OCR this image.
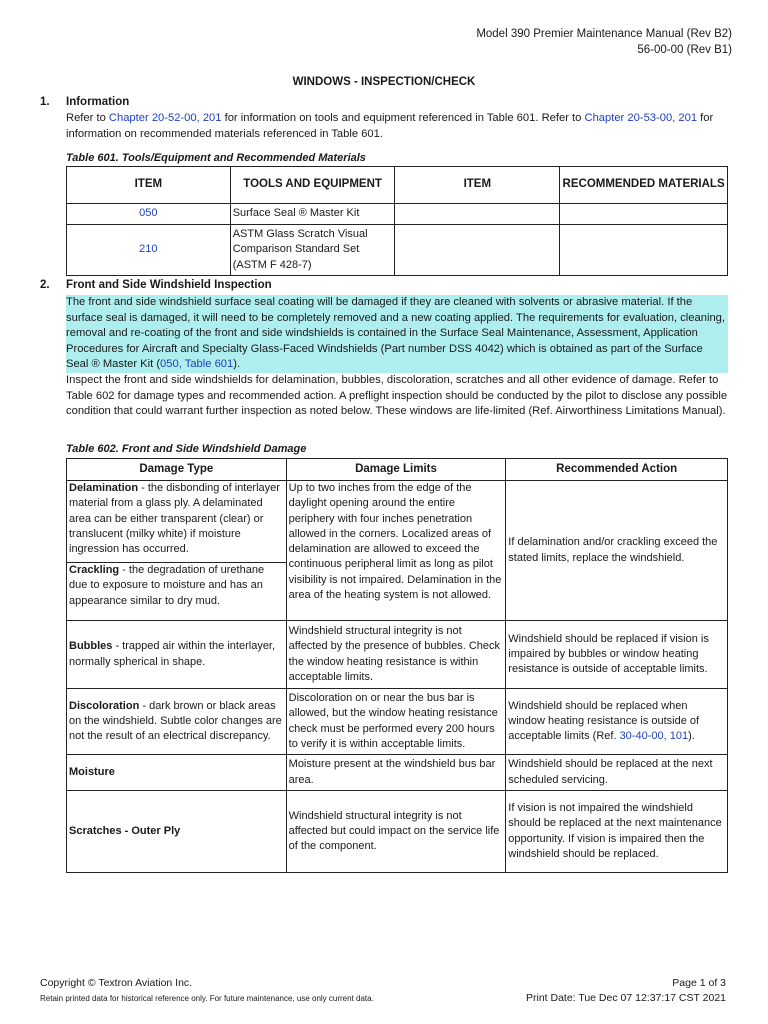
Model 390 Premier Maintenance Manual (Rev B2)
56-00-00 (Rev B1)
WINDOWS - INSPECTION/CHECK
1. Information
Refer to Chapter 20-52-00, 201 for information on tools and equipment referenced in Table 601. Refer to Chapter 20-53-00, 201 for information on recommended materials referenced in Table 601.
Table 601. Tools/Equipment and Recommended Materials
ITEM	TOOLS AND EQUIPMENT	ITEM	RECOMMENDED MATERIALS
050	Surface Seal ® Master Kit		
210	ASTM Glass Scratch Visual Comparison Standard Set (ASTM F 428-7)		
2. Front and Side Windshield Inspection
The front and side windshield surface seal coating will be damaged if they are cleaned with solvents or abrasive material. If the surface seal is damaged, it will need to be completely removed and a new coating applied. The requirements for evaluation, cleaning, removal and re-coating of the front and side windshields is contained in the Surface Seal Maintenance, Assessment, Application Procedures for Aircraft and Specialty Glass-Faced Windshields (Part number DSS 4042) which is obtained as part of the Surface Seal ® Master Kit (050, Table 601).
Inspect the front and side windshields for delamination, bubbles, discoloration, scratches and all other evidence of damage. Refer to Table 602 for damage types and recommended action. A preflight inspection should be conducted by the pilot to disclose any possible condition that could warrant further inspection as noted below. These windows are life-limited (Ref. Airworthiness Limitations Manual).
Table 602. Front and Side Windshield Damage
Damage Type	Damage Limits	Recommended Action
Delamination - the disbonding of interlayer material from a glass ply. A delaminated area can be either transparent (clear) or translucent (milky white) if moisture ingression has occurred.	Up to two inches from the edge of the daylight opening around the entire periphery with four inches penetration allowed in the corners. Localized areas of delamination are allowed to exceed the continuous peripheral limit as long as pilot visibility is not impaired. Delamination in the area of the heating system is not allowed.	If delamination and/or crackling exceed the stated limits, replace the windshield.
Crackling - the degradation of urethane due to exposure to moisture and has an appearance similar to dry mud.		
Bubbles - trapped air within the interlayer, normally spherical in shape.	Windshield structural integrity is not affected by the presence of bubbles. Check the window heating resistance is within acceptable limits.	Windshield should be replaced if vision is impaired by bubbles or window heating resistance is outside of acceptable limits.
Discoloration - dark brown or black areas on the windshield. Subtle color changes are not the result of an electrical discrepancy.	Discoloration on or near the bus bar is allowed, but the window heating resistance check must be performed every 200 hours to verify it is within acceptable limits.	Windshield should be replaced when window heating resistance is outside of acceptable limits (Ref. 30-40-00, 101).
Moisture	Moisture present at the windshield bus bar area.	Windshield should be replaced at the next scheduled servicing.
Scratches - Outer Ply	Windshield structural integrity is not affected but could impact on the service life of the component.	If vision is not impaired the windshield should be replaced at the next maintenance opportunity. If vision is impaired then the windshield should be replaced.
Copyright © Textron Aviation Inc.
Retain printed data for historical reference only. For future maintenance, use only current data.
Page 1 of 3
Print Date: Tue Dec 07 12:37:17 CST 2021
